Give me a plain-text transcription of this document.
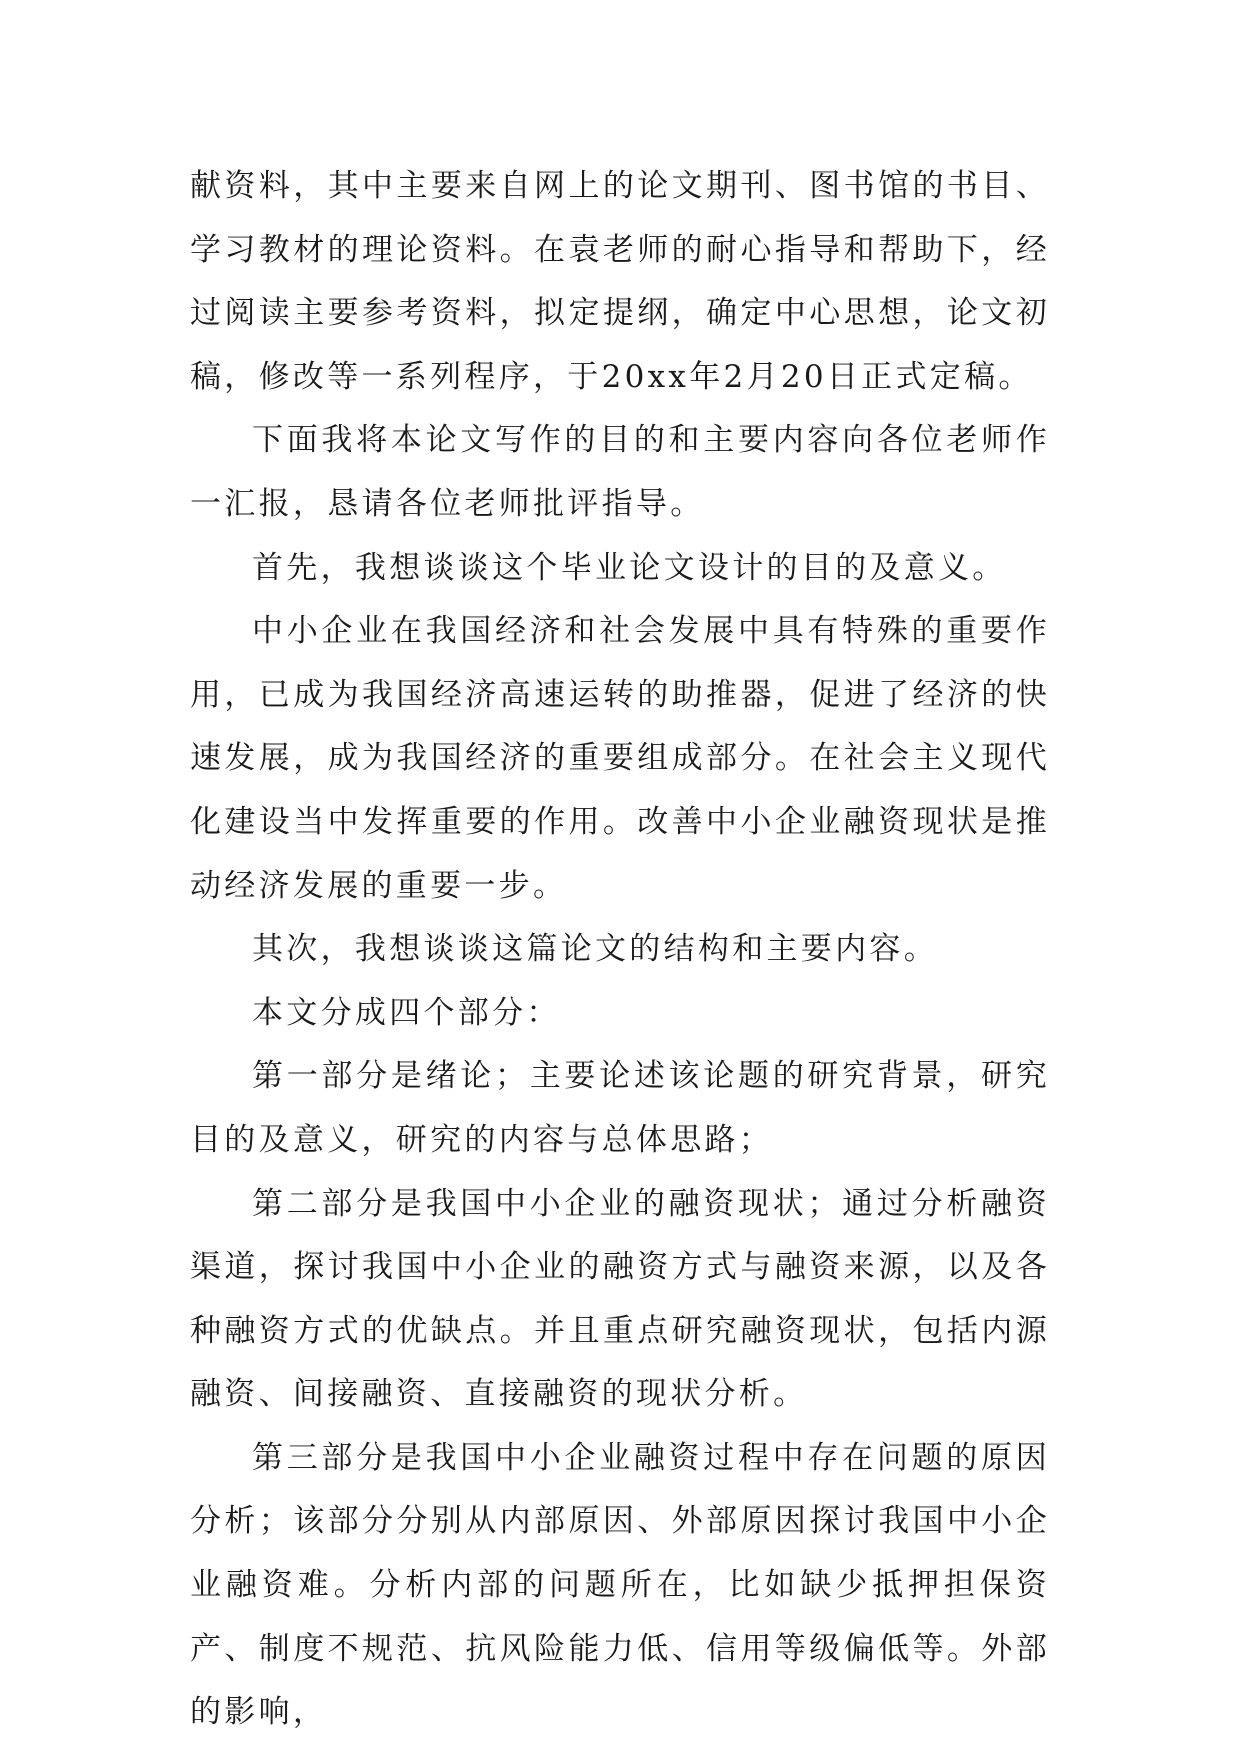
献资料，其中主要来自网上的论文期刊、图书馆的书目、学习教材的理论资料。在袁老师的耐心指导和帮助下，经过阅读主要参考资料，拟定提纲，确定中心思想，论文初稿，修改等一系列程序，于20xx年2月20日正式定稿。

下面我将本论文写作的目的和主要内容向各位老师作一汇报，恳请各位老师批评指导。

首先，我想谈谈这个毕业论文设计的目的及意义。

中小企业在我国经济和社会发展中具有特殊的重要作用，已成为我国经济高速运转的助推器，促进了经济的快速发展，成为我国经济的重要组成部分。在社会主义现代化建设当中发挥重要的作用。改善中小企业融资现状是推动经济发展的重要一步。

其次，我想谈谈这篇论文的结构和主要内容。

本文分成四个部分：

第一部分是绪论；主要论述该论题的研究背景，研究目的及意义，研究的内容与总体思路；

第二部分是我国中小企业的融资现状；通过分析融资渠道，探讨我国中小企业的融资方式与融资来源，以及各种融资方式的优缺点。并且重点研究融资现状，包括内源融资、间接融资、直接融资的现状分析。

第三部分是我国中小企业融资过程中存在问题的原因分析；该部分分别从内部原因、外部原因探讨我国中小企业融资难。分析内部的问题所在，比如缺少抵押担保资产、制度不规范、抗风险能力低、信用等级偏低等。外部的影响，
